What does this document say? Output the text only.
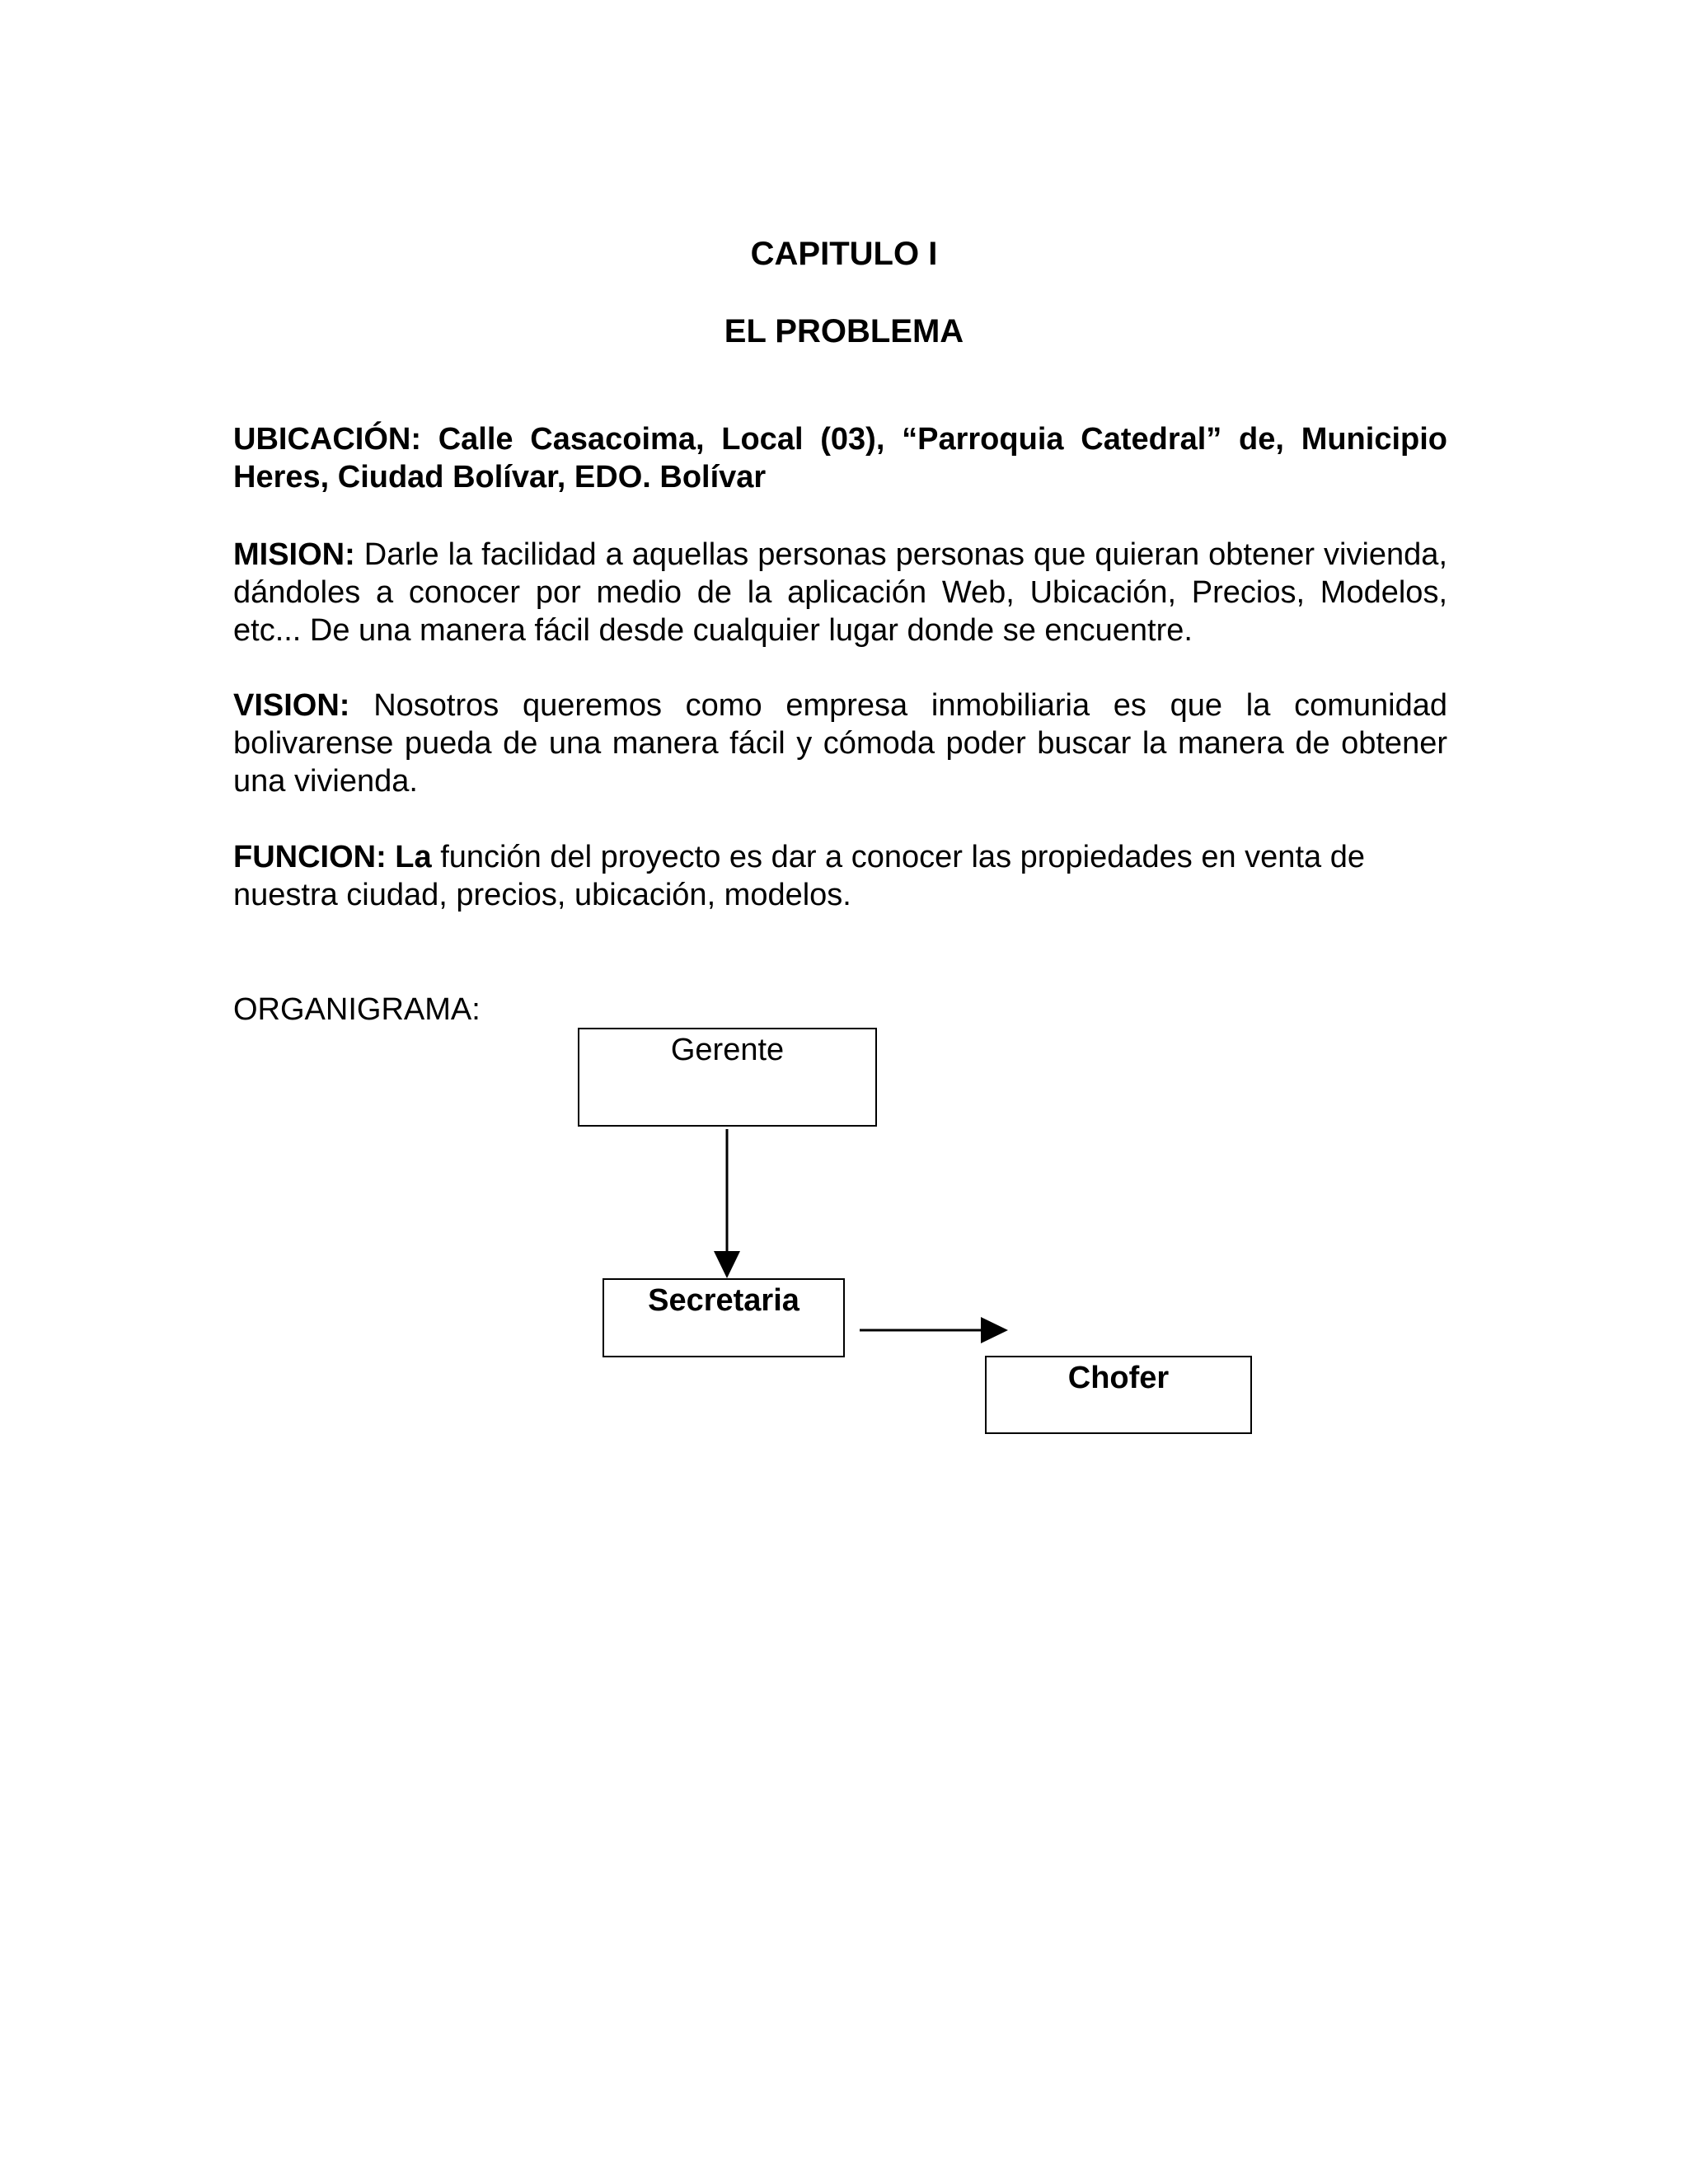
CAPITULO I
EL PROBLEMA

UBICACIÓN: Calle Casacoima, Local (03), “Parroquia Catedral” de, Municipio Heres, Ciudad Bolívar, EDO. Bolívar

MISION: Darle la facilidad a aquellas personas personas que quieran obtener vivienda, dándoles a conocer por medio de la aplicación Web, Ubicación, Precios, Modelos, etc... De una manera fácil desde cualquier lugar donde se encuentre.

VISION: Nosotros queremos como empresa inmobiliaria es que la comunidad bolivarense pueda de una manera fácil y cómoda poder buscar la manera de obtener una vivienda.

FUNCION: La función del proyecto es dar a conocer las propiedades en venta de nuestra ciudad, precios, ubicación, modelos.

ORGANIGRAMA:

Gerente
Secretaria
Chofer
